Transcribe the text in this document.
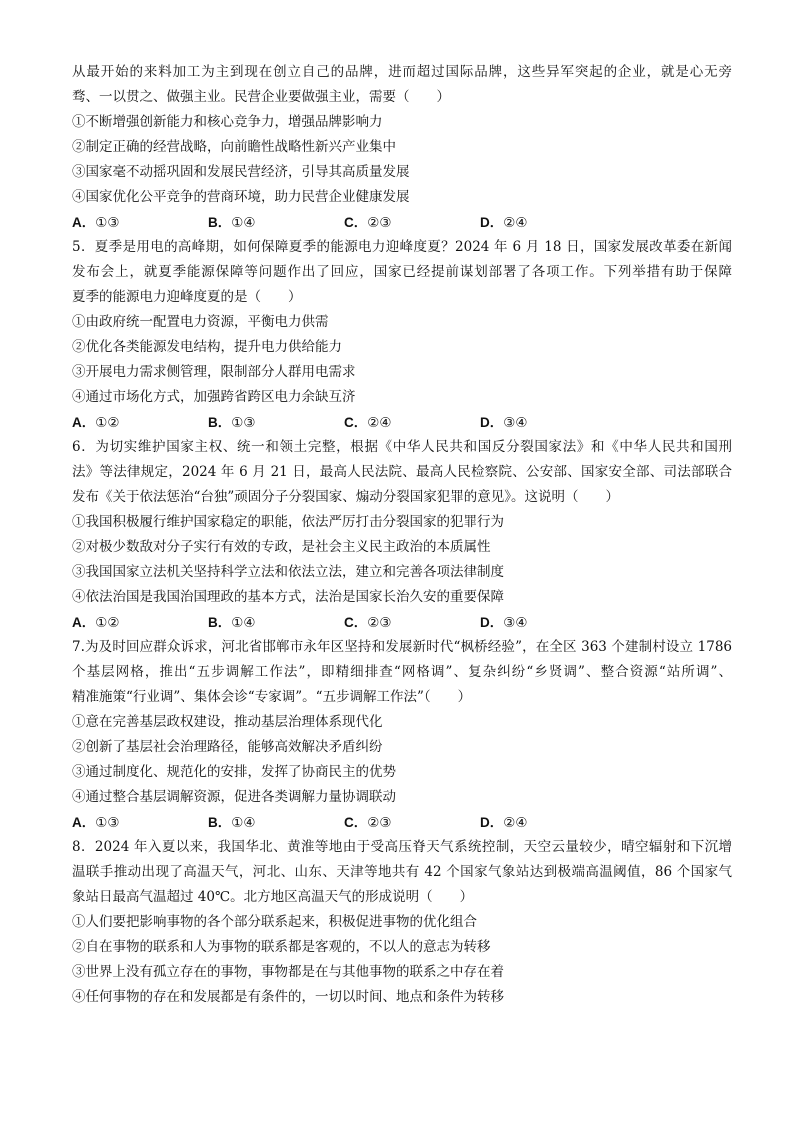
从最开始的来料加工为主到现在创立自己的品牌，进而超过国际品牌，这些异军突起的企业，就是心无旁
骛、一以贯之、做强主业。民营企业要做强主业，需要（　　）
①不断增强创新能力和核心竞争力，增强品牌影响力
②制定正确的经营战略，向前瞻性战略性新兴产业集中
③国家毫不动摇巩固和发展民营经济，引导其高质量发展
④国家优化公平竞争的营商环境，助力民营企业健康发展
A．①③	B．①④	C．②③	D．②④
5．夏季是用电的高峰期，如何保障夏季的能源电力迎峰度夏？2024 年 6 月 18 日，国家发展改革委在新闻
发布会上，就夏季能源保障等问题作出了回应，国家已经提前谋划部署了各项工作。下列举措有助于保障
夏季的能源电力迎峰度夏的是（　　）
①由政府统一配置电力资源，平衡电力供需
②优化各类能源发电结构，提升电力供给能力
③开展电力需求侧管理，限制部分人群用电需求
④通过市场化方式，加强跨省跨区电力余缺互济
A．①②	B．①③	C．②④	D．③④
6．为切实维护国家主权、统一和领土完整，根据《中华人民共和国反分裂国家法》和《中华人民共和国刑
法》等法律规定，2024 年 6 月 21 日，最高人民法院、最高人民检察院、公安部、国家安全部、司法部联合
发布《关于依法惩治“台独”顽固分子分裂国家、煽动分裂国家犯罪的意见》。这说明（　　）
①我国积极履行维护国家稳定的职能，依法严厉打击分裂国家的犯罪行为
②对极少数敌对分子实行有效的专政，是社会主义民主政治的本质属性
③我国国家立法机关坚持科学立法和依法立法，建立和完善各项法律制度
④依法治国是我国治国理政的基本方式，法治是国家长治久安的重要保障
A．①②	B．①④	C．②③	D．③④
7.为及时回应群众诉求，河北省邯郸市永年区坚持和发展新时代“枫桥经验”，在全区 363 个建制村设立 1786
个基层网格，推出“五步调解工作法”，即精细排查“网格调”、复杂纠纷“乡贤调”、整合资源“站所调”、
精准施策“行业调”、集体会诊“专家调”。“五步调解工作法”（　　）
①意在完善基层政权建设，推动基层治理体系现代化
②创新了基层社会治理路径，能够高效解决矛盾纠纷
③通过制度化、规范化的安排，发挥了协商民主的优势
④通过整合基层调解资源，促进各类调解力量协调联动
A．①③	B．①④	C．②③	D．②④
8．2024 年入夏以来，我国华北、黄淮等地由于受高压脊天气系统控制，天空云量较少，晴空辐射和下沉增
温联手推动出现了高温天气，河北、山东、天津等地共有 42 个国家气象站达到极端高温阈值，86 个国家气
象站日最高气温超过 40℃。北方地区高温天气的形成说明（　　）
①人们要把影响事物的各个部分联系起来，积极促进事物的优化组合
②自在事物的联系和人为事物的联系都是客观的，不以人的意志为转移
③世界上没有孤立存在的事物，事物都是在与其他事物的联系之中存在着
④任何事物的存在和发展都是有条件的，一切以时间、地点和条件为转移
